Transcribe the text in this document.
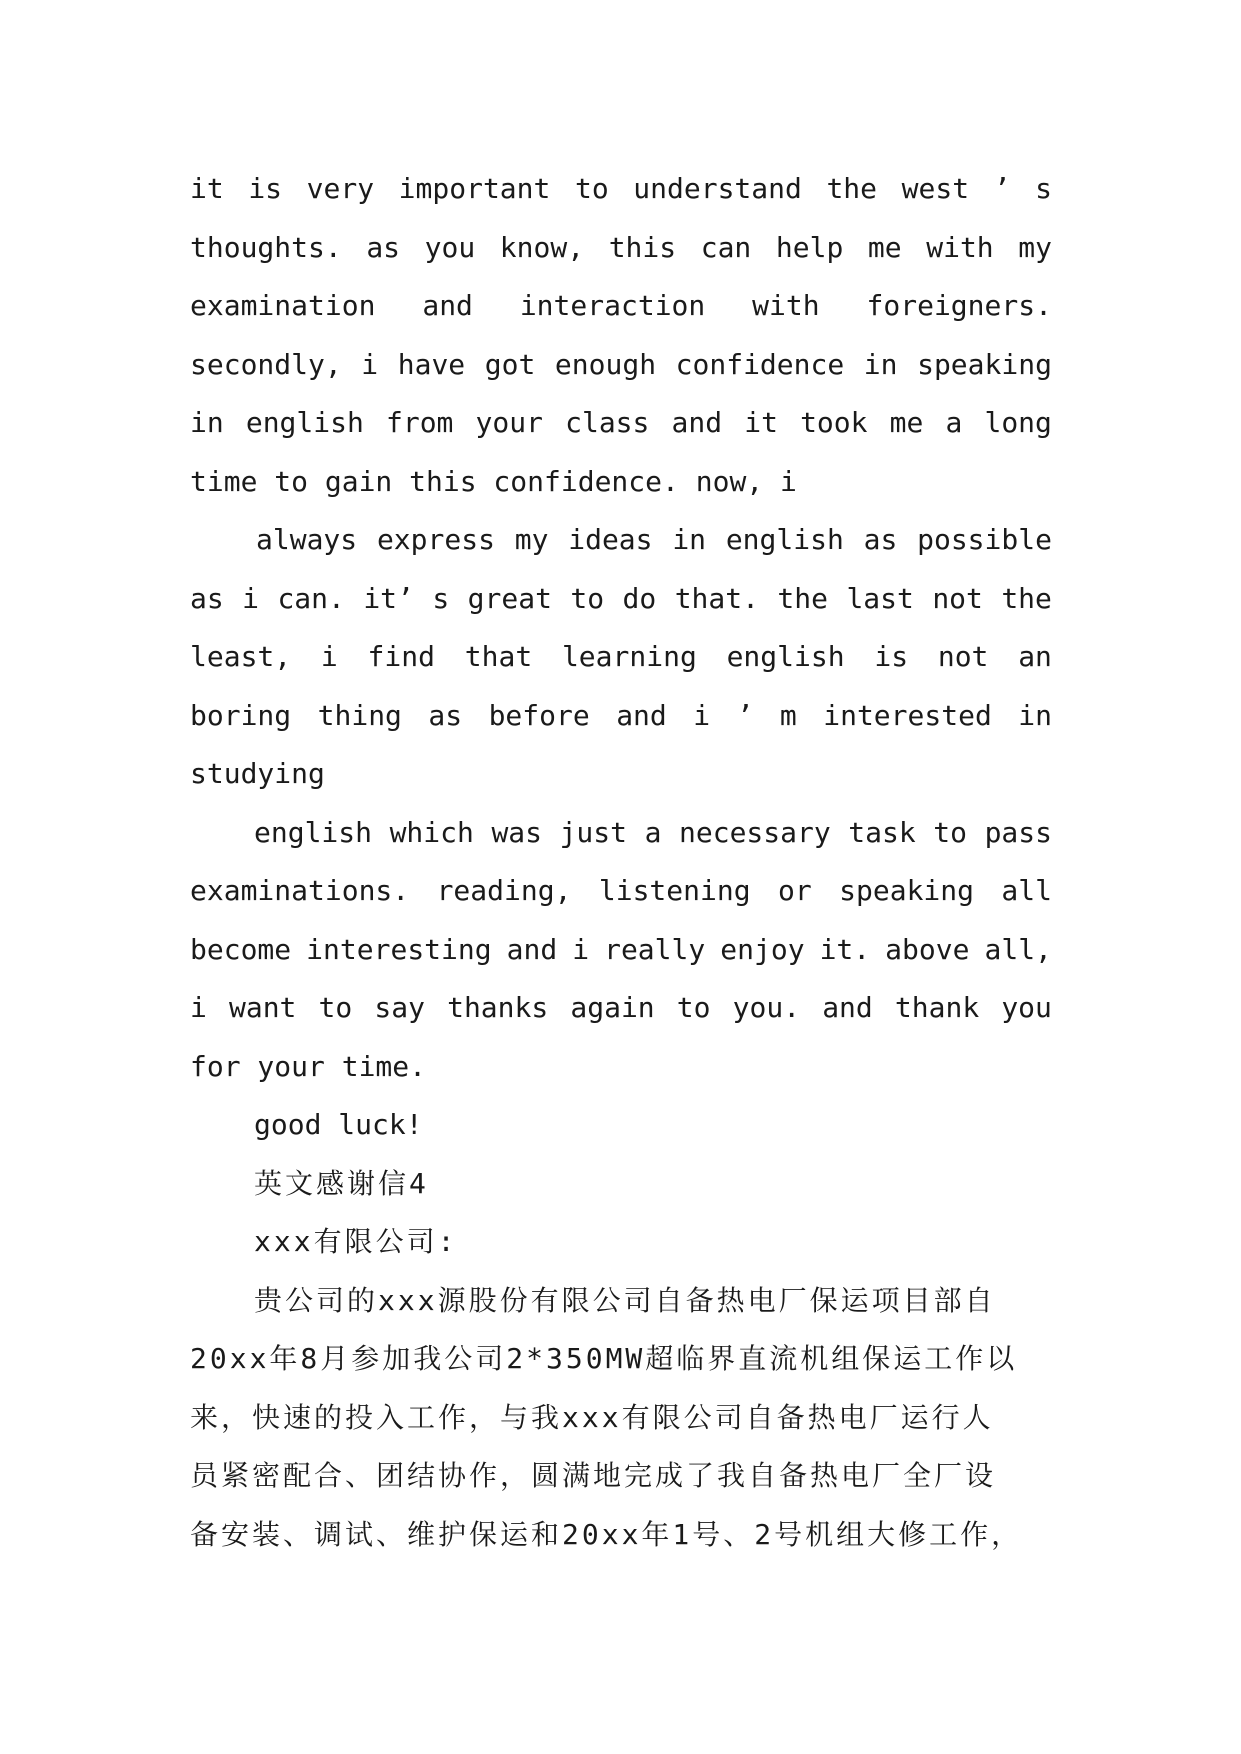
it is very important to understand the west ’ s
thoughts. as you know, this can help me with my
examination and interaction with foreigners.
secondly, i have got enough confidence in speaking
in english from your class and it took me a long
time to gain this confidence. now, i
always express my ideas in english as possible
as i can. it’ s great to do that. the last not the
least, i find that learning english is not an
boring thing as before and i ’ m interested in
studying
english which was just a necessary task to pass
examinations. reading, listening or speaking all
become interesting and i really enjoy it. above all,
i want to say thanks again to you. and thank you
for your time.
good luck!
英文感谢信4
xxx有限公司:
贵公司的xxx源股份有限公司自备热电厂保运项目部自
20xx年8月参加我公司2*350MW超临界直流机组保运工作以
来，快速的投入工作，与我xxx有限公司自备热电厂运行人
员紧密配合、团结协作，圆满地完成了我自备热电厂全厂设
备安装、调试、维护保运和20xx年1号、2号机组大修工作，
